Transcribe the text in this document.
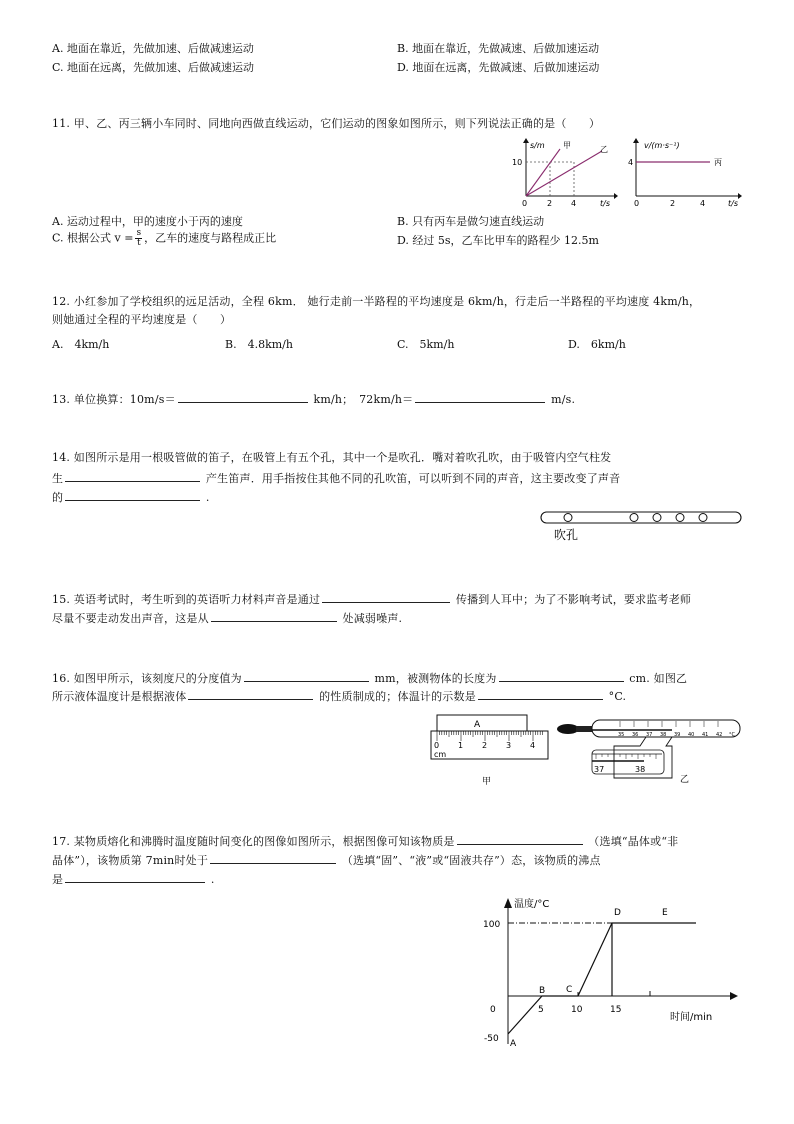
A. 地面在靠近，先做加速、后做减速运动	B. 地面在靠近，先做减速、后做加速运动
C. 地面在远离，先做加速、后做减速运动	D. 地面在远离，先做减速、后做加速运动
11. 甲、乙、丙三辆小车同时、同地向西做直线运动，它们运动的图象如图所示，则下列说法正确的是（　　）
s/m
t/s
10
0 2 4
甲	乙	v/(m·s⁻¹)
t/s
4
0	2	4
丙
A. 运动过程中，甲的速度小于丙的速度	B. 只有丙车是做匀速直线运动
C. 根据公式 $v = \frac{s}{t}$ ，乙车的速度与路程成正比	D. 经过 5s，乙车比甲车的路程少 12.5m
12. 小红参加了学校组织的远足活动，全程 6km． 她行走前一半路程的平均速度是 6km/h，行走后一半路程的平均速度 4km/h，
则她通过全程的平均速度是（　　）
A.　4km/h	B.　4.8km/h	C.　5km/h	D.　6km/h
13. 单位换算：10m/s＝	km/h；　72km/h＝	m/s.
14. 如图所示是用一根吸管做的笛子，在吸管上有五个孔，其中一个是吹孔．嘴对着吹孔吹，由于吸管内空气柱发
生	产生笛声．用手指按住其他不同的孔吹笛，可以听到不同的声音，这主要改变了声音
的	.
吹孔
15. 英语考试时，考生听到的英语听力材料声音是通过	传播到人耳中；为了不影响考试，要求监考老师
尽量不要走动发出声音，这是从	处减弱噪声.
16. 如图甲所示，该刻度尺的分度值为	mm，被测物体的长度为	cm. 如图乙
所示液体温度计是根据液体	的性质制成的；体温计的示数是	°C.
A
0 1 2 3 4
cm
甲
35 36 37 38 39 40 41 42 °C
37	38
乙
17. 某物质熔化和沸腾时温度随时间变化的图像如图所示，根据图像可知该物质是	（选填“晶体或“非
晶体”），该物质第 7min时处于	（选填“固”、“液”或“固液共存”）态，该物质的沸点
是	.
温度/°C
时间/min
100
0
-50
5	10	15
A
B C
D	E
